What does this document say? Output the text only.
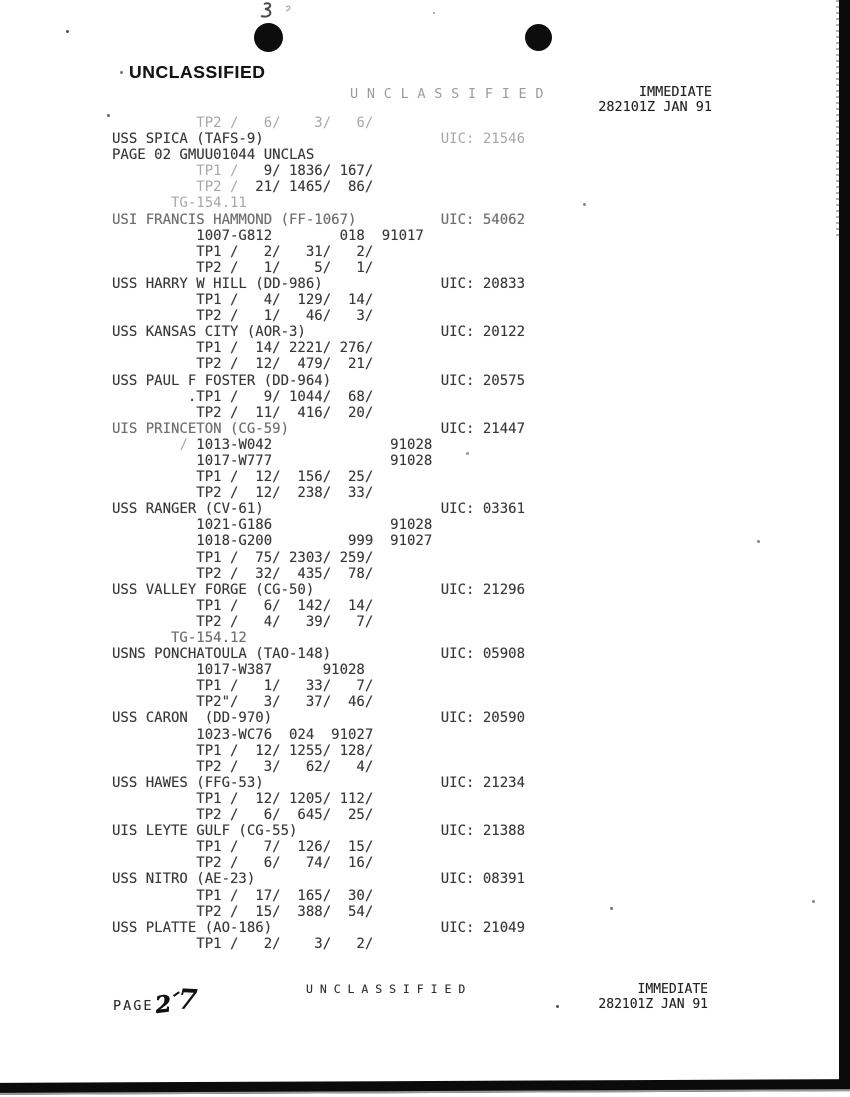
UNCLASSIFIED
U N C L A S S I F I E D	IMMEDIATE
282101Z JAN 91
TP2 /   6/    3/   6/
USS SPICA (TAFS-9)                     UIC: 21546
PAGE 02 GMUU01044 UNCLAS
TP1 /   9/ 1836/ 167/
TP2 /  21/ 1465/  86/
TG-154.11
USI FRANCIS HAMMOND (FF-1067)          UIC: 54062
1007-G812        018  91017
TP1 /   2/   31/   2/
TP2 /   1/    5/   1/
USS HARRY W HILL (DD-986)              UIC: 20833
TP1 /   4/  129/  14/
TP2 /   1/   46/   3/
USS KANSAS CITY (AOR-3)                UIC: 20122
TP1 /  14/ 2221/ 276/
TP2 /  12/  479/  21/
USS PAUL F FOSTER (DD-964)             UIC: 20575
.TP1 /   9/ 1044/  68/
TP2 /  11/  416/  20/
UIS PRINCETON (CG-59)                  UIC: 21447
/ 1013-W042              91028
1017-W777              91028
TP1 /  12/  156/  25/
TP2 /  12/  238/  33/
USS RANGER (CV-61)                     UIC: 03361
1021-G186              91028
1018-G200         999  91027
TP1 /  75/ 2303/ 259/
TP2 /  32/  435/  78/
USS VALLEY FORGE (CG-50)               UIC: 21296
TP1 /   6/  142/  14/
TP2 /   4/   39/   7/
TG-154.12
USNS PONCHATOULA (TAO-148)             UIC: 05908
1017-W387      91028
TP1 /   1/   33/   7/
TP2"/   3/   37/  46/
USS CARON  (DD-970)                    UIC: 20590
1023-WC76  024  91027
TP1 /  12/ 1255/ 128/
TP2 /   3/   62/   4/
USS HAWES (FFG-53)                     UIC: 21234
TP1 /  12/ 1205/ 112/
TP2 /   6/  645/  25/
UIS LEYTE GULF (CG-55)                 UIC: 21388
TP1 /   7/  126/  15/
TP2 /   6/   74/  16/
USS NITRO (AE-23)                      UIC: 08391
TP1 /  17/  165/  30/
TP2 /  15/  388/  54/
USS PLATTE (AO-186)                    UIC: 21049
TP1 /   2/    3/   2/
U N C L A S S I F I E D	IMMEDIATE
282101Z JAN 91
PAGE 2 7
